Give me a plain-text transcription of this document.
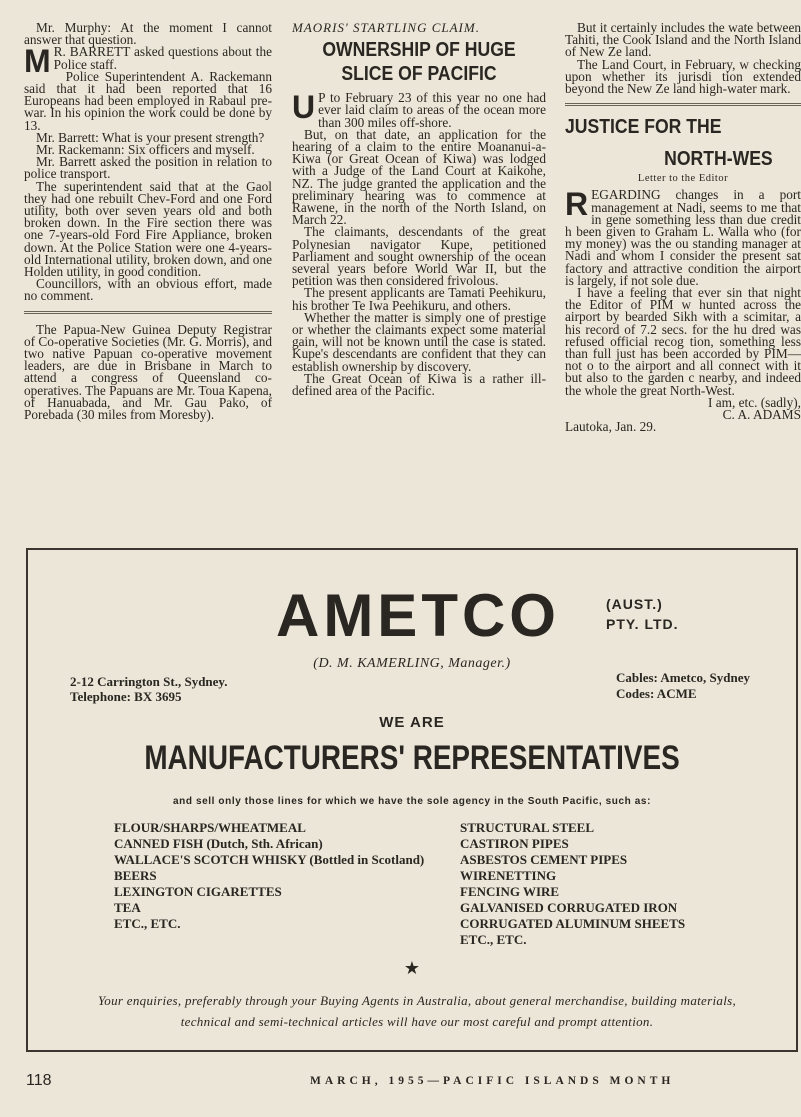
Mr. Murphy: At the moment I cannot answer that question.

M R. BARRETT asked questions about the Police staff.

Police Superintendent A. Rackemann said that it had been reported that 16 Europeans had been employed in Rabaul pre-war. In his opinion the work could be done by 13.

Mr. Barrett: What is your present strength?

Mr. Rackemann: Six officers and myself.

Mr. Barrett asked the position in relation to police transport.

The superintendent said that at the Gaol they had one rebuilt Chev-Ford and one Ford utility, both over seven years old and both broken down. In the Fire section there was one 7-years-old Ford Fire Appliance, broken down. At the Police Station were one 4-years-old International utility, broken down, and one Holden utility, in good condition.

Councillors, with an obvious effort, made no comment.

The Papua-New Guinea Deputy Registrar of Co-operative Societies (Mr. G. Morris), and two native Papuan co-operative movement leaders, are due in Brisbane in March to attend a congress of Queensland co-operatives. The Papuans are Mr. Toua Kapena, of Hanuabada, and Mr. Gau Pako, of Porebada (30 miles from Moresby).

MAORIS' STARTLING CLAIM.

OWNERSHIP OF HUGE SLICE OF PACIFIC

U P to February 23 of this year no one had ever laid claim to areas of the ocean more than 300 miles off-shore.

But, on that date, an application for the hearing of a claim to the entire Moananui-a-Kiwa (or Great Ocean of Kiwa) was lodged with a Judge of the Land Court at Kaikohe, NZ. The judge granted the application and the preliminary hearing was to commence at Rawene, in the north of the North Island, on March 22.

The claimants, descendants of the great Polynesian navigator Kupe, petitioned Parliament and sought ownership of the ocean several years before World War II, but the petition was then considered frivolous.

The present applicants are Tamati Peehikuru, his brother Te Iwa Peehikuru, and others.

Whether the matter is simply one of prestige or whether the claimants expect some material gain, will not be known until the case is stated. Kupe's descendants are confident that they can establish ownership by discovery.

The Great Ocean of Kiwa is a rather ill-defined area of the Pacific.

But it certainly includes the wate between Tahiti, the Cook Island and the North Island of New Ze land.

The Land Court, in February, w checking upon whether its jurisdi tion extended beyond the New Ze land high-water mark.

JUSTICE FOR THE
NORTH-WES
Letter to the Editor

REGARDING changes in a port management at Nadi, seems to me that in gene something less than due credit h been given to Graham L. Walla who (for my money) was the ou standing manager at Nadi and whom I consider the present sat factory and attractive condition the airport is largely, if not sole due.

I have a feeling that ever sin that night the Editor of PIM w hunted across the airport by bearded Sikh with a scimitar, a his record of 7.2 secs. for the hu dred was refused official recog tion, something less than full just has been accorded by PIM—not o to the airport and all connect with it but also to the garden c nearby, and indeed the whole the great North-West.

I am, etc. (sadly),

C. A. ADAMS

Lautoka, Jan. 29.

AMETCO	(AUST.)
PTY. LTD.
(D. M. KAMERLING, Manager.)
2-12 Carrington St., Sydney.
Telephone: BX 3695
Cables: Ametco, Sydney
Codes: ACME
WE ARE
MANUFACTURERS' REPRESENTATIVES
and sell only those lines for which we have the sole agency in the South Pacific, such as:
FLOUR/SHARPS/WHEATMEAL
CANNED FISH (Dutch, Sth. African)
WALLACE'S SCOTCH WHISKY (Bottled in Scotland)
BEERS
LEXINGTON CIGARETTES
TEA
ETC., ETC.
STRUCTURAL STEEL
CASTIRON PIPES
ASBESTOS CEMENT PIPES
WIRENETTING
FENCING WIRE
GALVANISED CORRUGATED IRON
CORRUGATED ALUMINUM SHEETS
ETC., ETC.
★
Your enquiries, preferably through your Buying Agents in Australia, about general merchandise, building materials, technical and semi-technical articles will have our most careful and prompt attention.
118	MARCH, 1955—PACIFIC ISLANDS MONTH
